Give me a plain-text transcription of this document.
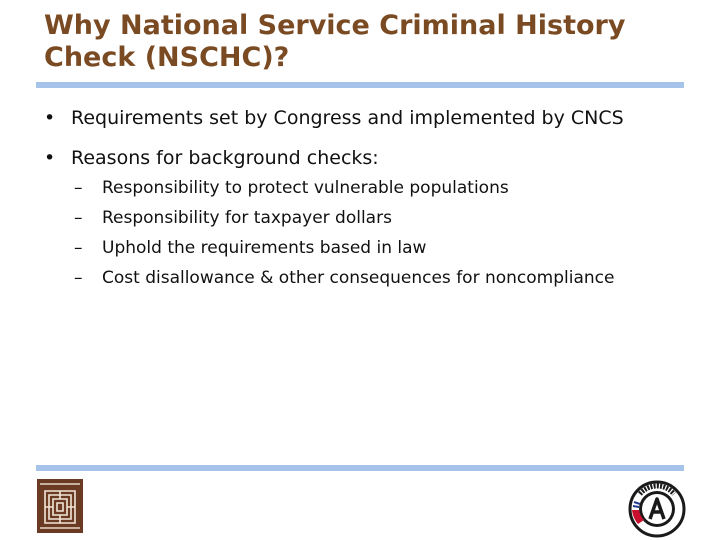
Why National Service Criminal History Check (NSCHC)?

• Requirements set by Congress and implemented by CNCS

• Reasons for background checks:
– Responsibility to protect vulnerable populations
– Responsibility for taxpayer dollars
– Uphold the requirements based in law
– Cost disallowance & other consequences for noncompliance
